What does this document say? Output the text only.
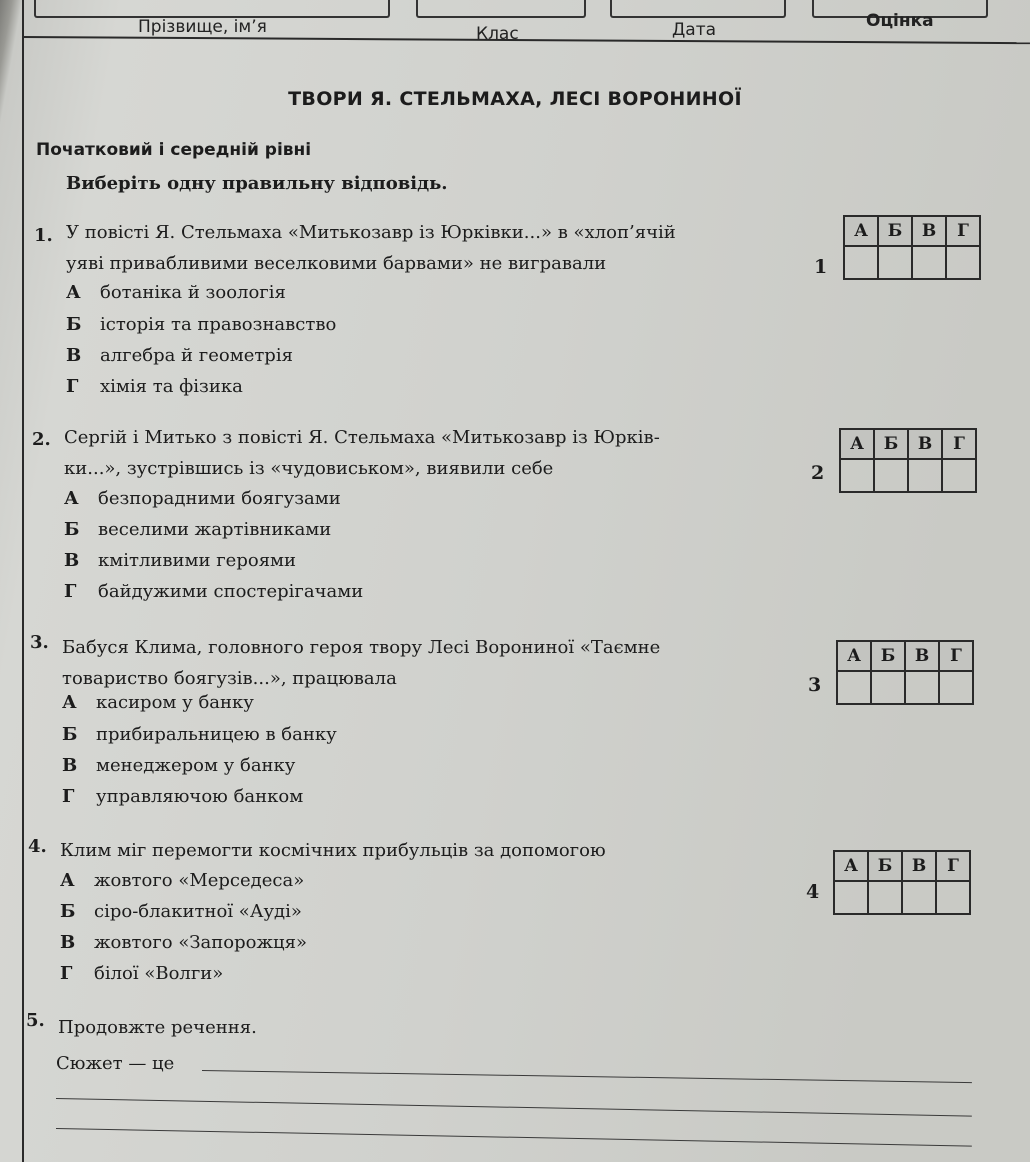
Прізвище, ім’я	Клас	Дата	Оцінка
ТВОРИ Я. СТЕЛЬМАХА, ЛЕСІ ВОРОНИНОЇ
Початковий і середній рівні
Виберіть одну правильну відповідь.
1. У повісті Я. Стельмаха «Митькозавр із Юрківки...» в «хлоп’ячій
уяві привабливими веселковими барвами» не вигравали
А ботаніка й зоологія
Б історія та правознавство
В алгебра й геометрія
Г хімія та фізика
1
А	Б	В	Г

2. Сергій і Митько з повісті Я. Стельмаха «Митькозавр із Юрків-
ки...», зустрівшись із «чудовиськом», виявили себе
А безпорадними боягузами
Б веселими жартівниками
В кмітливими героями
Г байдужими спостерігачами
2
А	Б	В	Г

3. Бабуся Клима, головного героя твору Лесі Ворониної «Таємне
товариство боягузів...», працювала
А касиром у банку
Б прибиральницею в банку
В менеджером у банку
Г управляючою банком
3
А	Б	В	Г

4. Клим міг перемогти космічних прибульців за допомогою
А жовтого «Мерседеса»
Б сіро-блакитної «Ауді»
В жовтого «Запорожця»
Г білої «Волги»
4
А	Б	В	Г

5. Продовжте речення.
Сюжет — це
